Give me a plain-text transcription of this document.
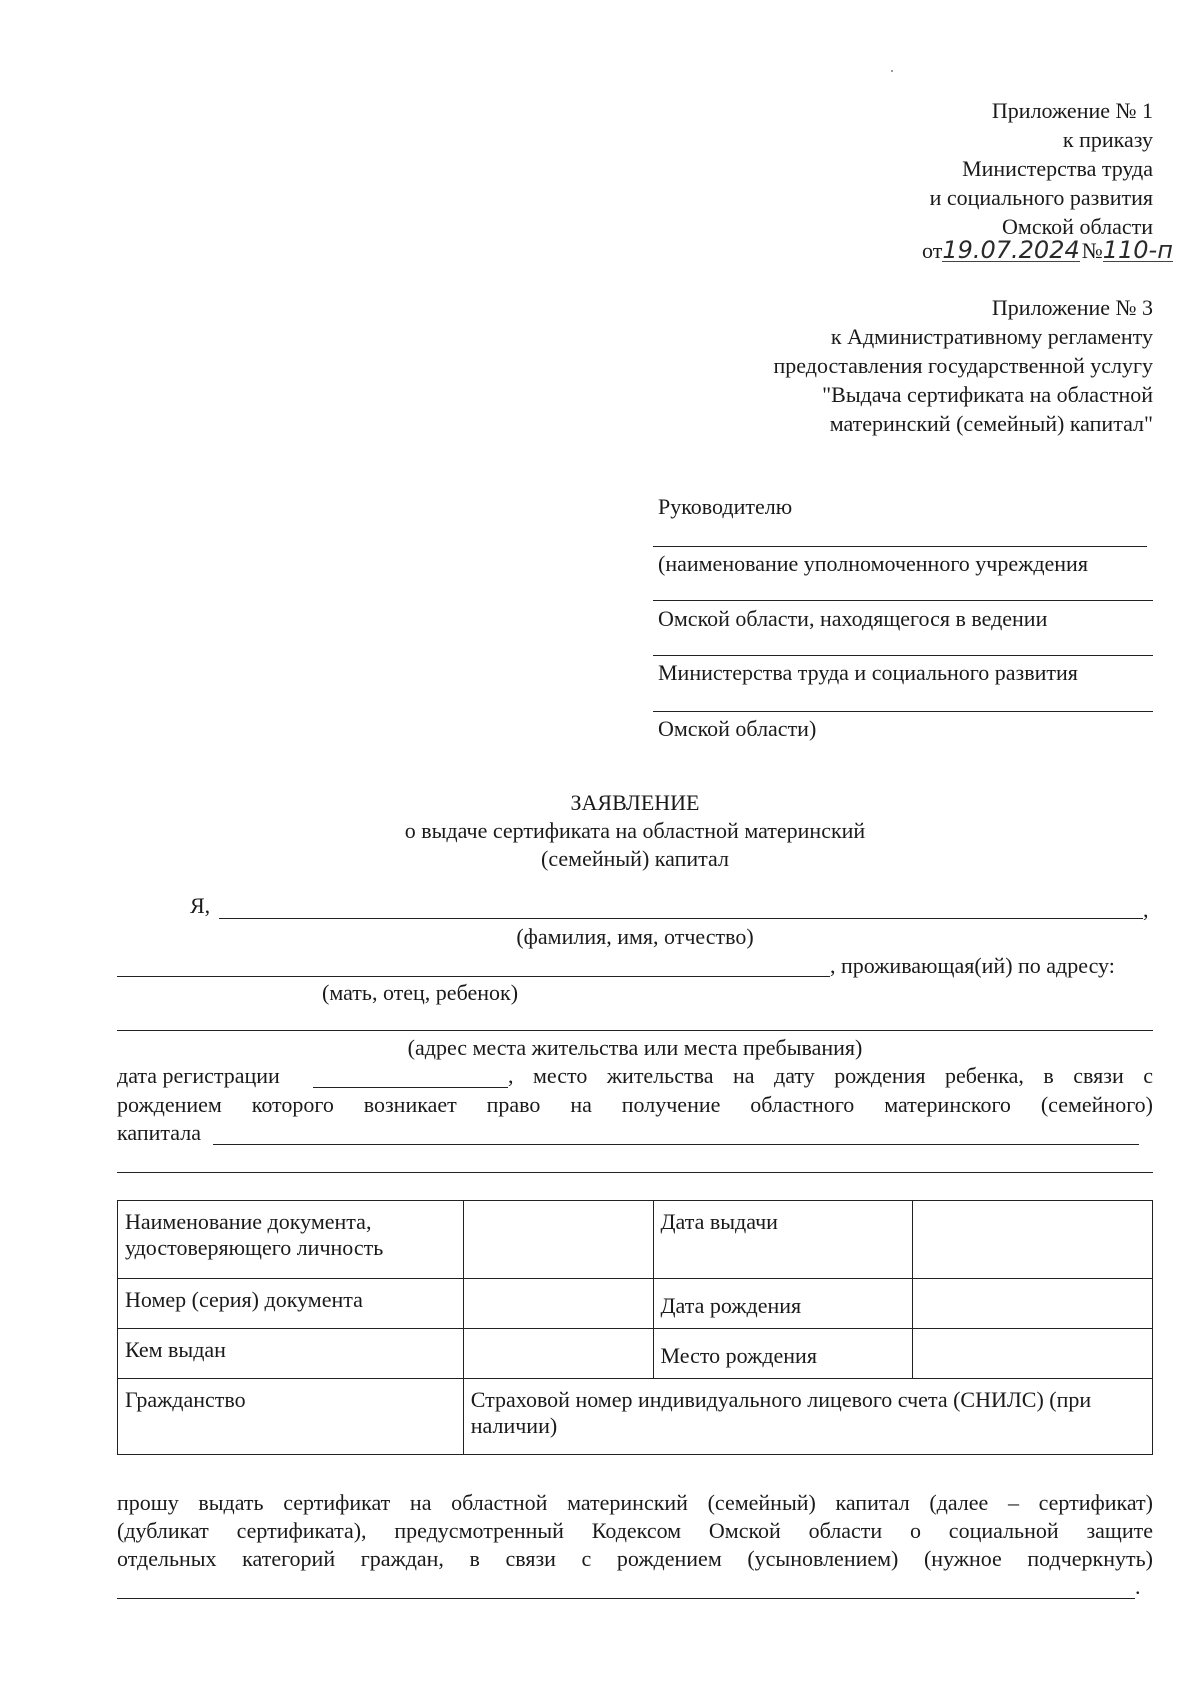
Приложение № 1
к приказу
Министерства труда
и социального развития
Омской области
от19.07.2024№110-п
Приложение № 3
к Административному регламенту
предоставления государственной услугу
"Выдача сертификата на областной
материнский (семейный) капитал"
Руководителю
(наименование уполномоченного учреждения
Омской области, находящегося в ведении
Министерства труда и социального развития
Омской области)
ЗАЯВЛЕНИЕ
о выдаче сертификата на областной материнский
(семейный) капитал
Я,	,
(фамилия, имя, отчество)
, проживающая(ий) по адресу:
(мать, отец, ребенок)
(адрес места жительства или места пребывания)
дата регистрации	, место жительства на дату рождения ребенка, в связи с
рождением которого возникает право на получение областного материнского (семейного)
капитала
Наименование документа, удостоверяющего личность		Дата выдачи	
Номер (серия) документа		Дата рождения	
Кем выдан		Место рождения	
Гражданство	Страховой номер индивидуального лицевого счета (СНИЛС) (при наличии)		
прошу выдать сертификат на областной материнский (семейный) капитал (далее – сертификат)
(дубликат сертификата), предусмотренный Кодексом Омской области о социальной защите
отдельных категорий граждан, в связи с рождением (усыновлением) (нужное подчеркнуть)
.
